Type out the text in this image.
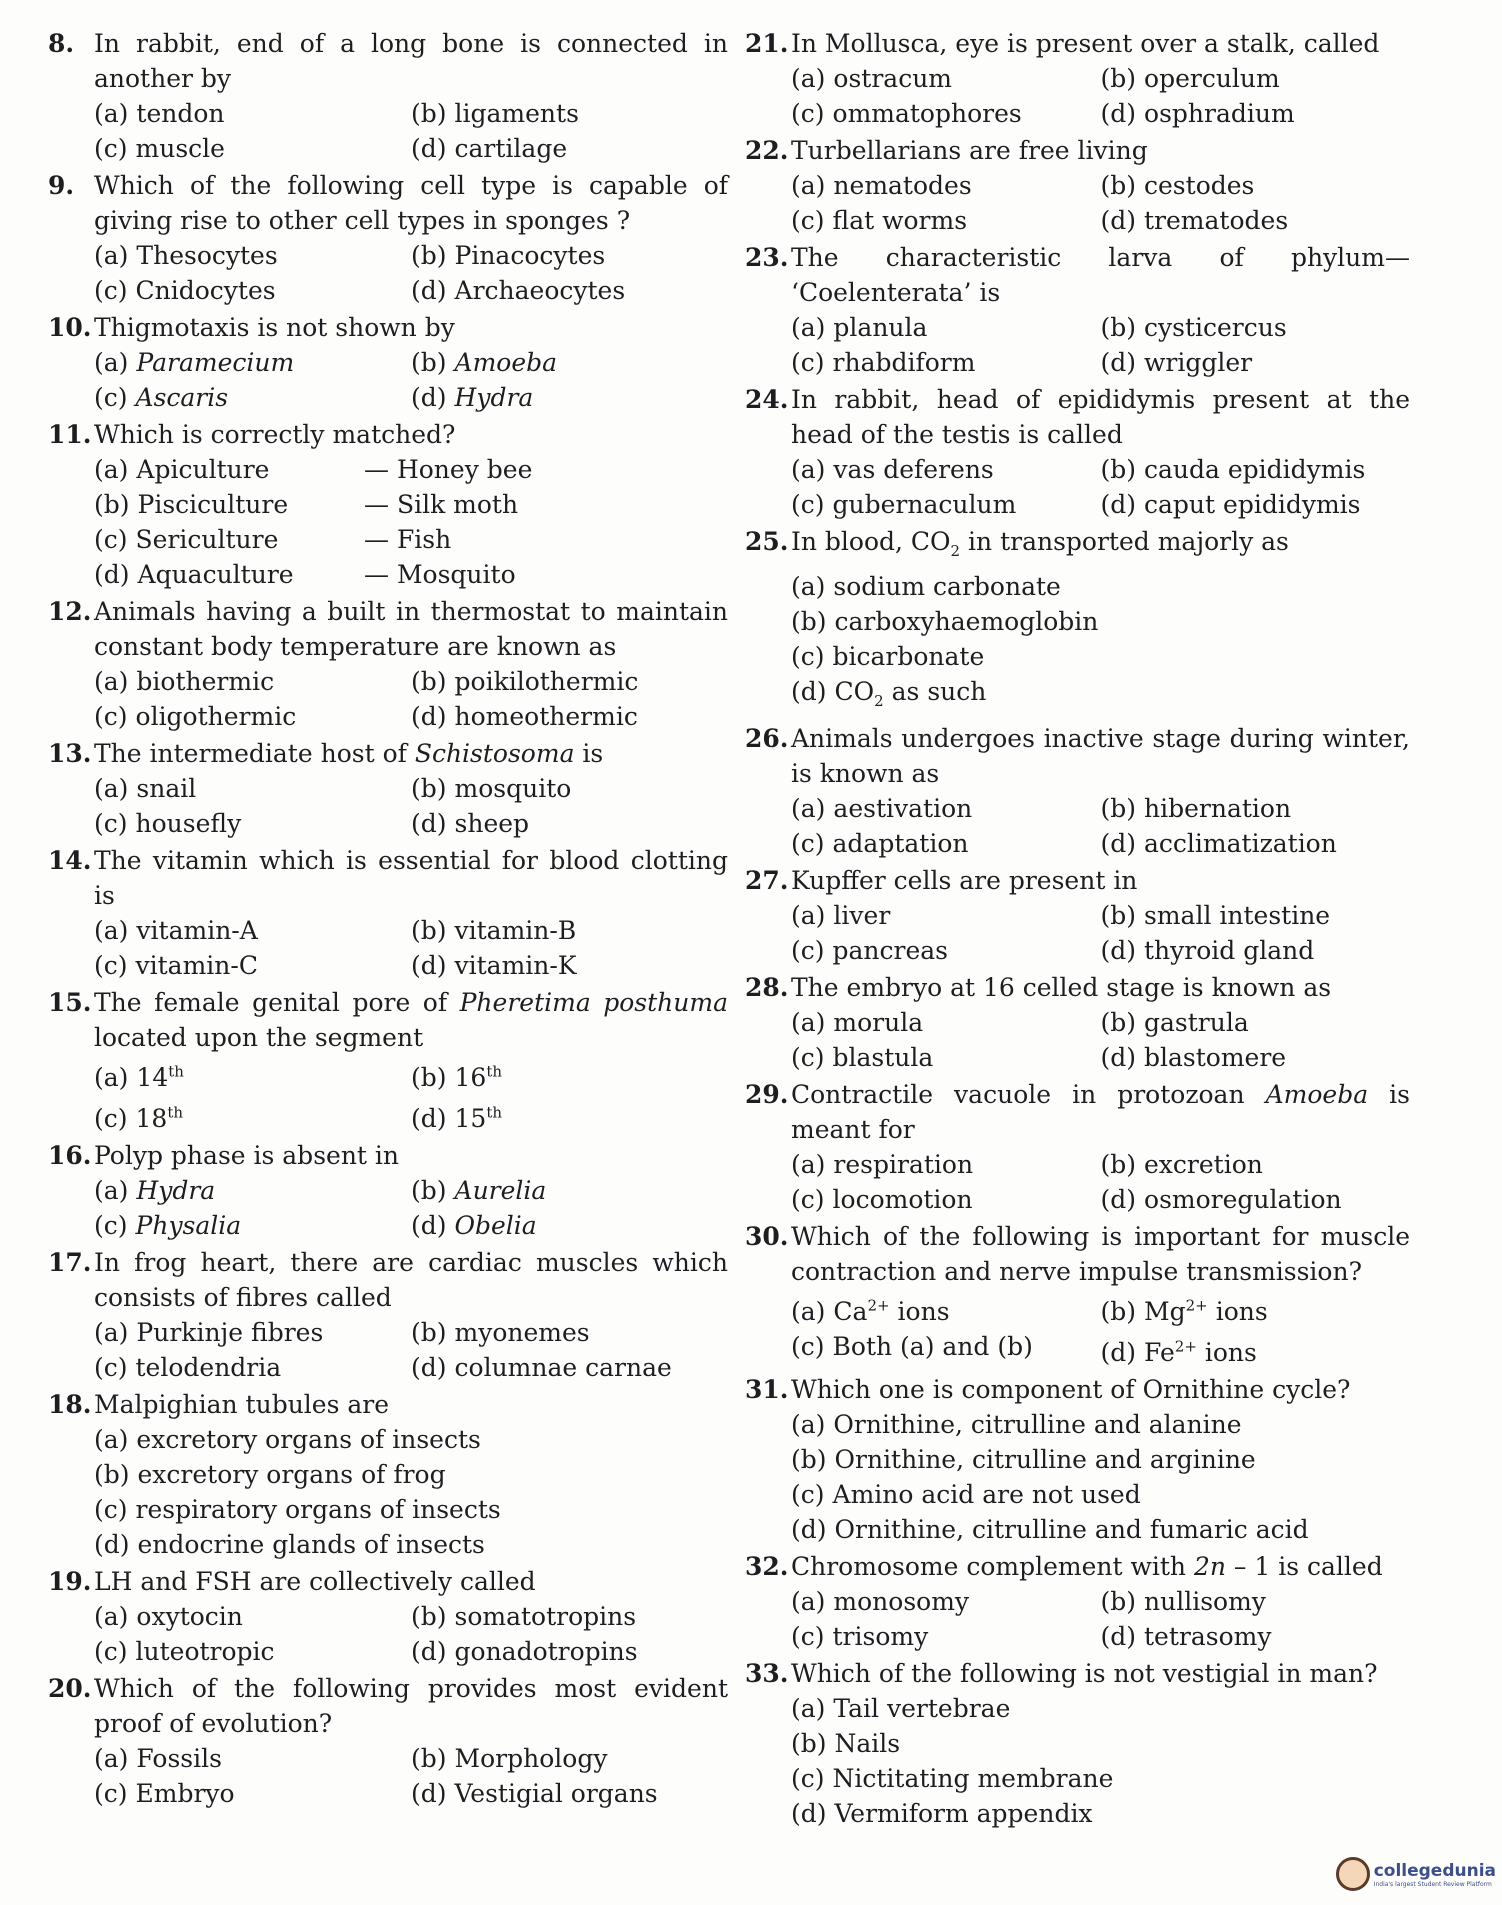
8. In rabbit, end of a long bone is connected in another by
(a) tendon	(b) ligaments
(c) muscle	(d) cartilage
9. Which of the following cell type is capable of giving rise to other cell types in sponges ?
(a) Thesocytes	(b) Pinacocytes
(c) Cnidocytes	(d) Archaeocytes
10. Thigmotaxis is not shown by
(a) Paramecium	(b) Amoeba
(c) Ascaris	(d) Hydra
11. Which is correctly matched?
(a) Apiculture	— Honey bee
(b) Pisciculture	— Silk moth
(c) Sericulture	— Fish
(d) Aquaculture	— Mosquito
12. Animals having a built in thermostat to maintain constant body temperature are known as
(a) biothermic	(b) poikilothermic
(c) oligothermic	(d) homeothermic
13. The intermediate host of Schistosoma is
(a) snail	(b) mosquito
(c) housefly	(d) sheep
14. The vitamin which is essential for blood clotting is
(a) vitamin-A	(b) vitamin-B
(c) vitamin-C	(d) vitamin-K
15. The female genital pore of Pheretima posthuma located upon the segment
(a) 14th	(b) 16th
(c) 18th	(d) 15th
16. Polyp phase is absent in
(a) Hydra	(b) Aurelia
(c) Physalia	(d) Obelia
17. In frog heart, there are cardiac muscles which consists of fibres called
(a) Purkinje fibres	(b) myonemes
(c) telodendria	(d) columnae carnae
18. Malpighian tubules are
(a) excretory organs of insects
(b) excretory organs of frog
(c) respiratory organs of insects
(d) endocrine glands of insects
19. LH and FSH are collectively called
(a) oxytocin	(b) somatotropins
(c) luteotropic	(d) gonadotropins
20. Which of the following provides most evident proof of evolution?
(a) Fossils	(b) Morphology
(c) Embryo	(d) Vestigial organs
21. In Mollusca, eye is present over a stalk, called
(a) ostracum	(b) operculum
(c) ommatophores	(d) osphradium
22. Turbellarians are free living
(a) nematodes	(b) cestodes
(c) flat worms	(d) trematodes
23. The characteristic larva of phylum— ‘Coelenterata’ is
(a) planula	(b) cysticercus
(c) rhabdiform	(d) wriggler
24. In rabbit, head of epididymis present at the head of the testis is called
(a) vas deferens	(b) cauda epididymis
(c) gubernaculum	(d) caput epididymis
25. In blood, $CO_2$ in transported majorly as
(a) sodium carbonate
(b) carboxyhaemoglobin
(c) bicarbonate
(d) $CO_2$ as such
26. Animals undergoes inactive stage during winter, is known as
(a) aestivation	(b) hibernation
(c) adaptation	(d) acclimatization
27. Kupffer cells are present in
(a) liver	(b) small intestine
(c) pancreas	(d) thyroid gland
28. The embryo at 16 celled stage is known as
(a) morula	(b) gastrula
(c) blastula	(d) blastomere
29. Contractile vacuole in protozoan Amoeba is meant for
(a) respiration	(b) excretion
(c) locomotion	(d) osmoregulation
30. Which of the following is important for muscle contraction and nerve impulse transmission?
(a) $Ca^{2+}$ ions	(b) $Mg^{2+}$ ions
(c) Both (a) and (b)	(d) $Fe^{2+}$ ions
31. Which one is component of Ornithine cycle?
(a) Ornithine, citrulline and alanine
(b) Ornithine, citrulline and arginine
(c) Amino acid are not used
(d) Ornithine, citrulline and fumaric acid
32. Chromosome complement with 2n – 1 is called
(a) monosomy	(b) nullisomy
(c) trisomy	(d) tetrasomy
33. Which of the following is not vestigial in man?
(a) Tail vertebrae
(b) Nails
(c) Nictitating membrane
(d) Vermiform appendix
collegedunia
India's largest Student Review Platform
